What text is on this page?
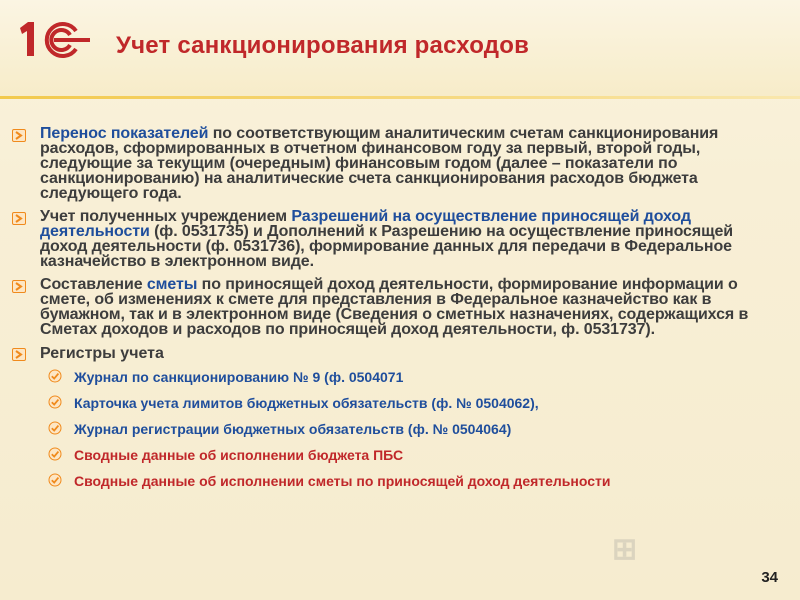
Учет санкционирования расходов
Перенос показателей по соответствующим аналитическим счетам санкционирования расходов, сформированных в отчетном финансовом году за первый, второй годы, следующие за текущим (очередным) финансовым годом (далее – показатели по санкционированию) на аналитические счета санкционирования расходов бюджета следующего года.
Учет полученных учреждением Разрешений на осуществление приносящей доход деятельности (ф. 0531735) и Дополнений к Разрешению на осуществление приносящей доход деятельности (ф. 0531736), формирование данных для передачи в Федеральное казначейство в электронном виде.
Составление сметы по приносящей доход деятельности, формирование информации о смете, об изменениях к смете для представления в Федеральное казначейство как в бумажном, так и в электронном виде (Сведения о сметных назначениях, содержащихся в Сметах доходов и расходов по приносящей доход деятельности, ф. 0531737).
Регистры учета
Журнал по санкционированию № 9 (ф. 0504071
Карточка учета лимитов бюджетных обязательств (ф. № 0504062),
Журнал регистрации бюджетных обязательств (ф. № 0504064)
Сводные данные об исполнении бюджета ПБС
Сводные данные об исполнении сметы по приносящей доход деятельности
⊞
34
